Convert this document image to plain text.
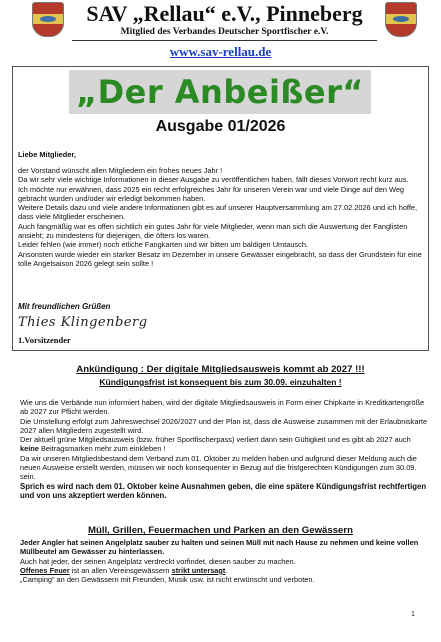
SAV „Rellau“ e.V., Pinneberg
Mitglied des Verbandes Deutscher Sportfischer e.V.
www.sav-rellau.de
„Der Anbeißer“
Ausgabe 01/2026
Liebe Mitglieder,

der Vorstand wünscht allen Mitgliedern ein frohes neues Jahr !

Da wir sehr viele wichtige Informationen in dieser Ausgabe zu veröffentlichen haben, fällt dieses Vorwort recht kurz aus.

Ich möchte nur erwähnen, dass 2025 ein recht erfolgreiches Jahr für unseren Verein war und viele Dinge auf den Weg gebracht wurden und/oder wir erledigt bekommen haben.

Weitere Details dazu und viele andere Informationen gibt es auf unserer Hauptversammlung am 27.02.2026 und ich hoffe, dass viele Mitglieder erscheinen.

Auch fangmäßig war es offen sichtlich ein gutes Jahr für viele Mitglieder, wenn man sich die Auswertung der Fanglisten ansieht; zu mindestens für diejenigen, die öfters los waren.

Leider fehlen (wie immer) noch etliche Fangkarten und wir bitten um baldigen Umtausch.

Ansonsten wurde wieder ein starker Besatz im Dezember in unsere Gewässer eingebracht, so dass der Grundstein für eine tolle Angelsaison 2026 gelegt sein sollte !

Mit freundlichen Grüßen
Thies Klingenberg
1.Vorsitzender
Ankündigung : Der digitale Mitgliedsausweis kommt ab 2027 !!!
Kündigungsfrist ist konsequent bis zum 30.09. einzuhalten !

Wie uns die Verbände nun informiert haben, wird der digitale Mitgliedsausweis in Form einer Chipkarte in Kreditkartengröße ab 2027 zur Pflicht werden.

Die Umstellung erfolgt zum Jahreswechsel 2026/2027 und der Plan ist, dass die Ausweise zusammen mit der Erlaubniskarte 2027 allen Mitgliedern zugestellt wird.

Der aktuell grüne Mitgliedsausweis (bzw. früher Sportfischerpass) verliert dann sein Gültigkeit und es gibt ab 2027 auch keine Beitragsmarken mehr zum einkleben !

Da wir unseren Mitgliedsbestand dem Verband zum 01. Oktober zu melden haben und aufgrund dieser Meldung auch die neuen Ausweise erstellt werden, müssen wir noch konsequenter in Bezug auf die fristgerechten Kündigungen zum 30.09. sein.

Sprich es wird nach dem 01. Oktober keine Ausnahmen geben, die eine spätere Kündigungsfrist rechtfertigen und von uns akzeptiert werden können.

Müll, Grillen, Feuermachen und Parken an den Gewässern

Jeder Angler hat seinen Angelplatz sauber zu halten und seinen Müll mit nach Hause zu nehmen und keine vollen Müllbeutel am Gewässer zu hinterlassen.

Auch hat jeder, der seinen Angelplatz verdreckt vorfindet, diesen sauber zu machen.

Offenes Feuer ist an allen Vereinsgewässern strikt untersagt.

„Camping“ an den Gewässern mit Freunden, Musik usw. ist nicht erwünscht und verboten.

1
